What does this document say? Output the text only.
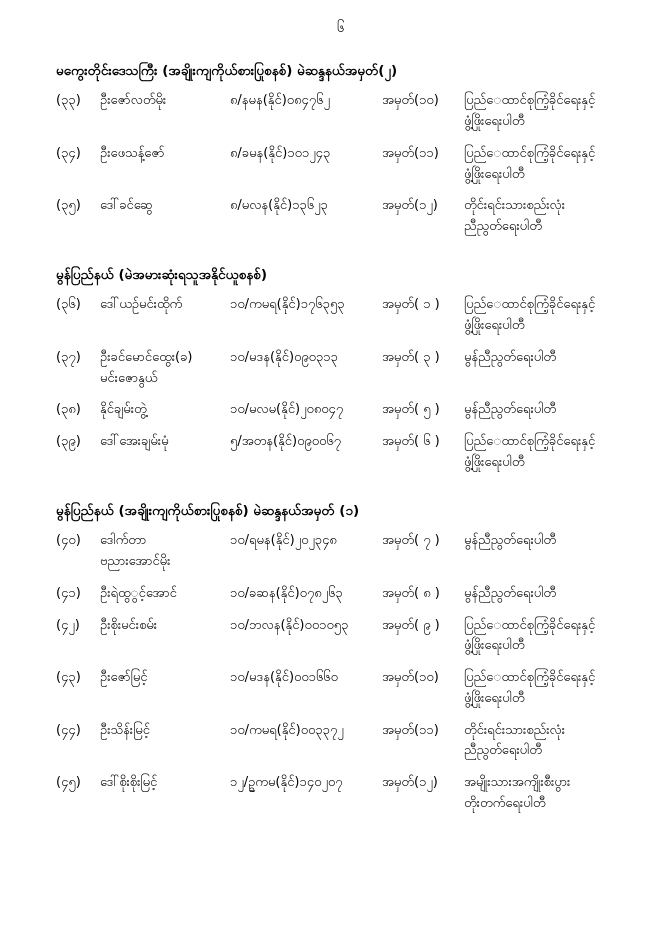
၆
မကွေးတိုင်းဒေသကြီး (အချိုးကျကိုယ်စားပြုစနစ်) မဲဆန္ဒနယ်အမှတ်(၂)
(၃၃)	ဦးဇော်လတ်မိုး	၈/နမန(နိုင်)၀၈၄၇၆၂	အမှတ်(၁၀)	ပြည်‌‌‌ေထာင်စုကြံ့ခိုင်ရေးနှင့်
ဖွံ့ဖြိုးရေးပါတီ

(၃၄)	ဦးဖေသန့်ဇော်	၈/ခမန(နိုင်)၁၀၁၂၄၃	အမှတ်(၁၁)	ပြည်‌‌‌ေထာင်စုကြံ့ခိုင်ရေးနှင့်
ဖွံ့ဖြိုးရေးပါတီ

(၃၅)	ဒေါ်ခင်ဆွေ	၈/မလန(နိုင်)၁၃၆၂၃	အမှတ်(၁၂)	တိုင်းရင်းသားစည်းလုံး
ညီညွတ်ရေးပါတီ
မွန်ပြည်နယ် (မဲအမားဆုံးရသူအနိုင်ယူစနစ်)
(၃၆)	ဒေါ်ယဉ်မင်းထိုက်	၁၀/ကမရ(နိုင်)၁၇၆၃၅၃	အမှတ်( ၁ )	ပြည်‌‌‌ေထာင်စုကြံ့ခိုင်ရေးနှင့်
ဖွံ့ဖြိုးရေးပါတီ

(၃၇)	ဦးခင်မောင်ထွေး(ခ)
မင်းဇောနွယ်	၁၀/မဒန(နိုင်)၀၉၀၃၁၃	အမှတ်( ၃ )	မွန်ညီညွတ်ရေးပါတီ

(၃၈)	နိုင်ချမ်းတွဲ့	၁၀/မလမ(နိုင်)၂၀၈၀၄၇	အမှတ်( ၅ )	မွန်ညီညွတ်ရေးပါတီ

(၃၉)	ဒေါ်အေးချမ်းမုံ	၅/အတန(နိုင်)၀၉၀၀၆၇	အမှတ်( ၆ )	ပြည်‌‌‌ေထာင်စုကြံ့ခိုင်ရေးနှင့်
ဖွံ့ဖြိုးရေးပါတီ
မွန်ပြည်နယ် (အချိုးကျကိုယ်စားပြုစနစ်) မဲဆန္ဒနယ်အမှတ် (၁)
(၄၀)	ဒေါက်တာ
ဗညားအောင်မိုး	၁၀/ရမန(နိုင်)၂၀၂၃၄၈	အမှတ်( ၇ )	မွန်ညီညွတ်ရေးပါတီ

(၄၁)	ဦးရဲထွွင့်အောင်	၁၀/ခဆန(နိုင်)၀၇၈၂၆၃	အမှတ်( ၈ )	မွန်ညီညွတ်ရေးပါတီ

(၄၂)	ဦးစိုးမင်းစမ်း	၁၀/ဘလန(နိုင်)၀၀၁၀၅၃	အမှတ်( ၉ )	ပြည်‌‌‌ေထာင်စုကြံ့ခိုင်ရေးနှင့်
ဖွံ့ဖြိုးရေးပါတီ

(၄၃)	ဦးဇော်မြင့်	၁၀/မဒန(နိုင်)၀၀၁၆၆၀	အမှတ်(၁၀)	ပြည်‌‌‌ေထာင်စုကြံ့ခိုင်ရေးနှင့်
ဖွံ့ဖြိုးရေးပါတီ

(၄၄)	ဦးသိန်းမြင့်	၁၀/ကမရ(နိုင်)၀၀၃၃၇၂	အမှတ်(၁၁)	တိုင်းရင်းသားစည်းလုံး
ညီညွတ်ရေးပါတီ

(၄၅)	ဒေါ်စိုးစိုးမြင့်	၁၂/ဉ္ခကမ(နိုင်)၁၄၀၂၀၇	အမှတ်(၁၂)	အမျိုးသားအကျိုးစီးပွား
တိုးတက်ရေးပါတီ
